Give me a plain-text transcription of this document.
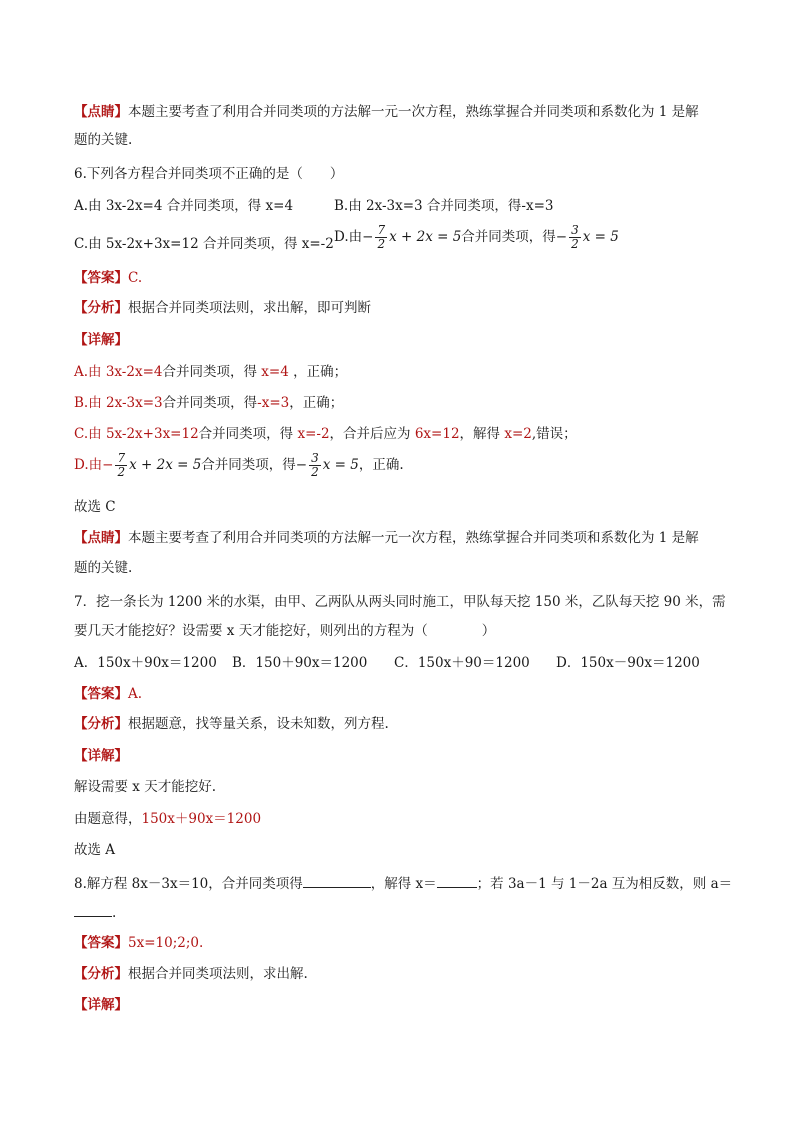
【点睛】本题主要考查了利用合并同类项的方法解一元一次方程，熟练掌握合并同类项和系数化为 1 是解
题的关键.
6.下列各方程合并同类项不正确的是（　　）
A.由 3x-2x=4 合并同类项，得 x=4	B.由 2x-3x=3 合并同类项，得-x=3
C.由 5x-2x+3x=12 合并同类项，得 x=-2 D.由− $\frac{7}{2}$ x + 2x = 5合并同类项，得− $\frac{3}{2}$ x = 5
【答案】C.
【分析】根据合并同类项法则，求出解，即可判断
【详解】
A.由 3x-2x=4合并同类项，得 x=4 ，正确；
B.由 2x-3x=3合并同类项，得-x=3，正确；
C.由 5x-2x+3x=12合并同类项，得 x=-2，合并后应为 6x=12，解得 x=2,错误；
D.由− $\frac{7}{2}$ x + 2x = 5合并同类项，得− $\frac{3}{2}$ x = 5，正确.
故选 C
【点睛】本题主要考查了利用合并同类项的方法解一元一次方程，熟练掌握合并同类项和系数化为 1 是解
题的关键.
7．挖一条长为 1200 米的水渠，由甲、乙两队从两头同时施工，甲队每天挖 150 米，乙队每天挖 90 米，需
要几天才能挖好？设需要 x 天才能挖好，则列出的方程为（　　　　）
A．150x＋90x＝1200 B．150＋90x＝1200 C．150x＋90＝1200 D．150x－90x＝1200
【答案】A.
【分析】根据题意，找等量关系，设未知数，列方程.
【详解】
解设需要 x 天才能挖好.
由题意得，150x＋90x＝1200
故选 A
8.解方程 8x－3x＝10，合并同类项得	，解得 x＝	；若 3a－1 与 1－2a 互为相反数，则 a＝
.
【答案】5x=10;2;0.
【分析】根据合并同类项法则，求出解.
【详解】
